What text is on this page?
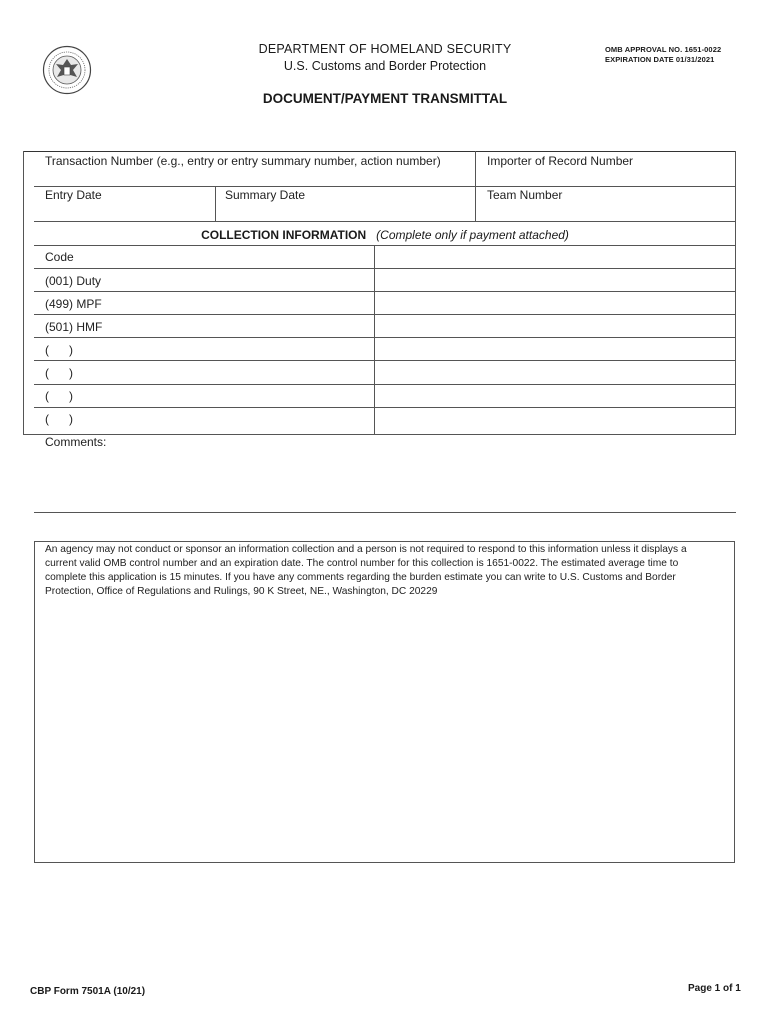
DEPARTMENT OF HOMELAND SECURITY
U.S. Customs and Border Protection
OMB APPROVAL NO. 1651-0022
EXPIRATION DATE 01/31/2021
DOCUMENT/PAYMENT TRANSMITTAL
Transaction Number (e.g., entry or entry summary number, action number)	Importer of Record Number
Entry Date	Summary Date	Team Number
COLLECTION INFORMATION (Complete only if payment attached)
Code
(001) Duty
(499) MPF
(501) HMF
(      )
(      )
(      )
(      )
Comments:
An agency may not conduct or sponsor an information collection and a person is not required to respond to this information unless it displays a current valid OMB control number and an expiration date. The control number for this collection is 1651-0022. The estimated average time to complete this application is 15 minutes. If you have any comments regarding the burden estimate you can write to U.S. Customs and Border Protection, Office of Regulations and Rulings, 90 K Street, NE., Washington, DC 20229
CBP Form 7501A (10/21)	Page 1 of 1
